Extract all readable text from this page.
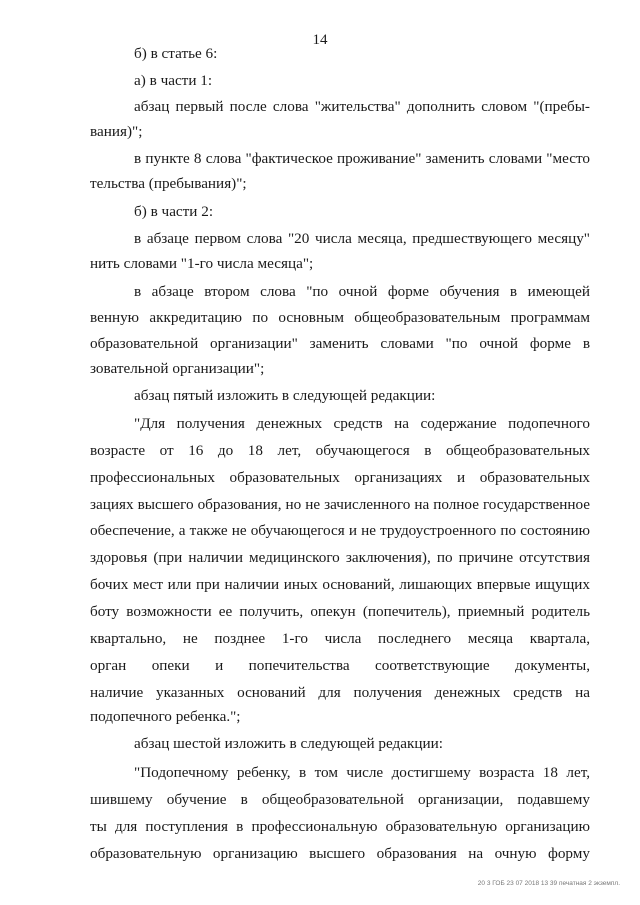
14
б) в статье 6:
а) в части 1:
абзац первый после слова "жительства" дополнить словом "(пребы-
вания)";
в пункте 8 слова "фактическое проживание" заменить словами "место
тельства (пребывания)";
б) в части 2:
в абзаце первом слова "20 числа месяца, предшествующего месяцу"
нить словами "1-го числа месяца";
в абзаце втором слова "по очной форме обучения в имеющей
венную аккредитацию по основным общеобразовательным программам
образовательной организации" заменить словами "по очной форме в
зовательной организации";
абзац пятый изложить в следующей редакции:
"Для получения денежных средств на содержание подопечного
возрасте от 16 до 18 лет, обучающегося в общеобразовательных
профессиональных образовательных организациях и образовательных
зациях высшего образования, но не зачисленного на полное государственное
обеспечение, а также не обучающегося и не трудоустроенного по состоянию
здоровья (при наличии медицинского заключения), по причине отсутствия
бочих мест или при наличии иных оснований, лишающих впервые ищущих
боту возможности ее получить, опекун (попечитель), приемный родитель
квартально, не позднее 1-го числа последнего месяца квартала,
орган опеки и попечительства соответствующие документы,
наличие указанных оснований для получения денежных средств на
подопечного ребенка.";
абзац шестой изложить в следующей редакции:
"Подопечному ребенку, в том числе достигшему возраста 18 лет,
шившему обучение в общеобразовательной организации, подавшему
ты для поступления в профессиональную образовательную организацию
образовательную организацию высшего образования на очную форму
20 3 ГОБ 23 07 2018 13 39 печатная 2 экземпл.
